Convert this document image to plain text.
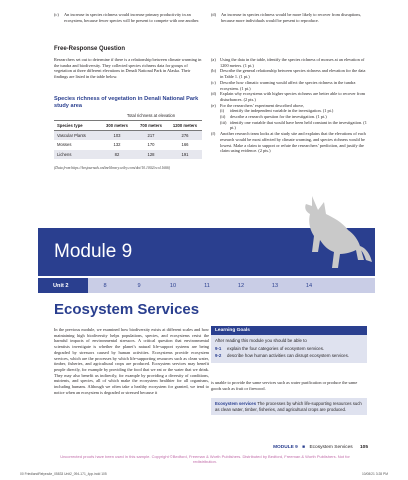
(c)	An increase in species richness would increase primary productivity in an ecosystem, because fewer species will be present to compete with one another.
(d)	An increase in species richness would be more likely to recover from disruptions, because more individuals would be present to reproduce.
Free-Response Question
Researchers set out to determine if there is a relationship between climate warming in the tundra and biodiversity. They collected species richness data for groups of vegetation at three different elevations in Denali National Park in Alaska. Their findings are listed in the table below.
Species richness of vegetation in Denali National Park study area
Total richness at elevation
Species type	300 meters	700 meters	1200 meters
Vascular Plants	103	217	276
Mosses	132	170	166
Lichens	82	128	191
(Data from https://besjournals.onlinelibrary.wiley.com/doi/10.1002/ecol.1666)
(a) Using the data in the table, identify the species richness of mosses at an elevation of 1200 meters. (1 pt.)
(b) Describe the general relationship between species richness and elevation for the data in Table 1. (1 pt.)
(c) Describe how climatic warming would affect the species richness in the tundra ecosystem. (1 pt.)
(d) Explain why ecosystems with higher species richness are better able to recover from disturbances. (2 pts.)
(e) For the researchers’ experiment described above,
(i)	identify the independent variable in the investigation. (1 pt.)
(ii)	describe a research question for the investigation. (1 pt.)
(iii) identify one variable that would have been held constant in the investigation. (1 pt.)
(f)	Another research team looks at the study site and explains that the elevations of each research would be most affected by climate warming, and species richness would be lowest. Make a claim to support or refute the researchers’ prediction, and justify the claim using evidence. (2 pts.)
Module 9
Unit 2	8	9	10	11	12	13	14
Ecosystem Services
In the previous module, we examined how biodiversity exists at different scales and how maintaining high biodiversity helps populations, species, and ecosystems resist the harmful impacts of environmental stressors. A critical question that environmental scientists investigate is whether the planet’s natural life-support systems are being degraded by stressors caused by human activities. Ecosystems provide ecosystem services, which are the processes by which life-supporting resources such as clean water, timber, fisheries, and agricultural crops are produced. Ecosystem services may benefit people directly, for example by providing the food that we eat or the water that we drink. They may also benefit us indirectly, for example by providing a diversity of conditions, nutrients, and species, all of which make the ecosystem healthier for all organisms, including humans. Although we often take a healthy ecosystem for granted, we tend to notice when an ecosystem is degraded or stressed because it
Learning Goals
After reading this module you should be able to
9-1	explain the four categories of ecosystem services.
9-2	describe how human activities can disrupt ecosystem services.
is unable to provide the same services such as water purification or produce the same goods such as fruit or firewood.
Ecosystem services The processes by which life-supporting resources such as clean water, timber, fisheries, and agricultural crops are produced.
MODULE 9 ■ Ecosystem Services 105
Uncorrected proofs have been used in this sample. Copyright ©Bedford, Freeman & Worth Publishers. Distributed by Bedford, Freeman & Worth Publishers. Not for redistribution.
00 FriedlandRelyea4e_05833 Unit2_094-171_4pp.indd 105	10/08/21 3:28 PM
